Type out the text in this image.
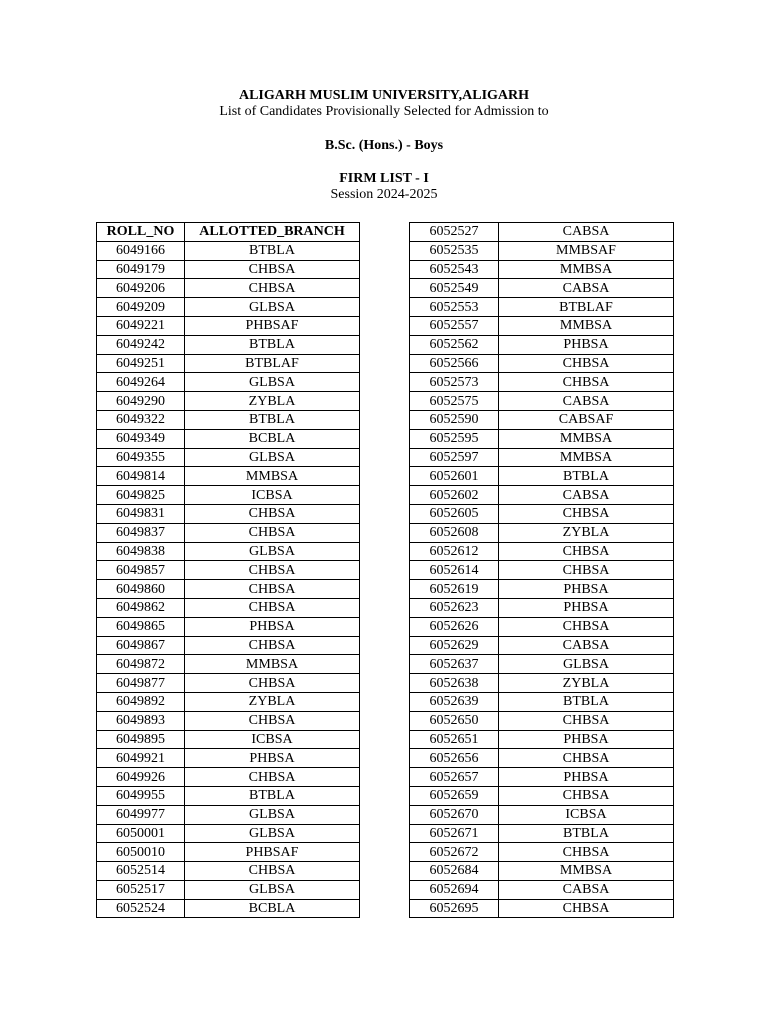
ALIGARH MUSLIM UNIVERSITY,ALIGARH
List of Candidates Provisionally Selected for Admission to
B.Sc. (Hons.) - Boys
FIRM LIST - I
Session 2024-2025
ROLL_NO	ALLOTTED_BRANCH
6049166	BTBLA
6049179	CHBSA
6049206	CHBSA
6049209	GLBSA
6049221	PHBSAF
6049242	BTBLA
6049251	BTBLAF
6049264	GLBSA
6049290	ZYBLA
6049322	BTBLA
6049349	BCBLA
6049355	GLBSA
6049814	MMBSA
6049825	ICBSA
6049831	CHBSA
6049837	CHBSA
6049838	GLBSA
6049857	CHBSA
6049860	CHBSA
6049862	CHBSA
6049865	PHBSA
6049867	CHBSA
6049872	MMBSA
6049877	CHBSA
6049892	ZYBLA
6049893	CHBSA
6049895	ICBSA
6049921	PHBSA
6049926	CHBSA
6049955	BTBLA
6049977	GLBSA
6050001	GLBSA
6050010	PHBSAF
6052514	CHBSA
6052517	GLBSA
6052524	BCBLA
6052527	CABSA
6052535	MMBSAF
6052543	MMBSA
6052549	CABSA
6052553	BTBLAF
6052557	MMBSA
6052562	PHBSA
6052566	CHBSA
6052573	CHBSA
6052575	CABSA
6052590	CABSAF
6052595	MMBSA
6052597	MMBSA
6052601	BTBLA
6052602	CABSA
6052605	CHBSA
6052608	ZYBLA
6052612	CHBSA
6052614	CHBSA
6052619	PHBSA
6052623	PHBSA
6052626	CHBSA
6052629	CABSA
6052637	GLBSA
6052638	ZYBLA
6052639	BTBLA
6052650	CHBSA
6052651	PHBSA
6052656	CHBSA
6052657	PHBSA
6052659	CHBSA
6052670	ICBSA
6052671	BTBLA
6052672	CHBSA
6052684	MMBSA
6052694	CABSA
6052695	CHBSA
